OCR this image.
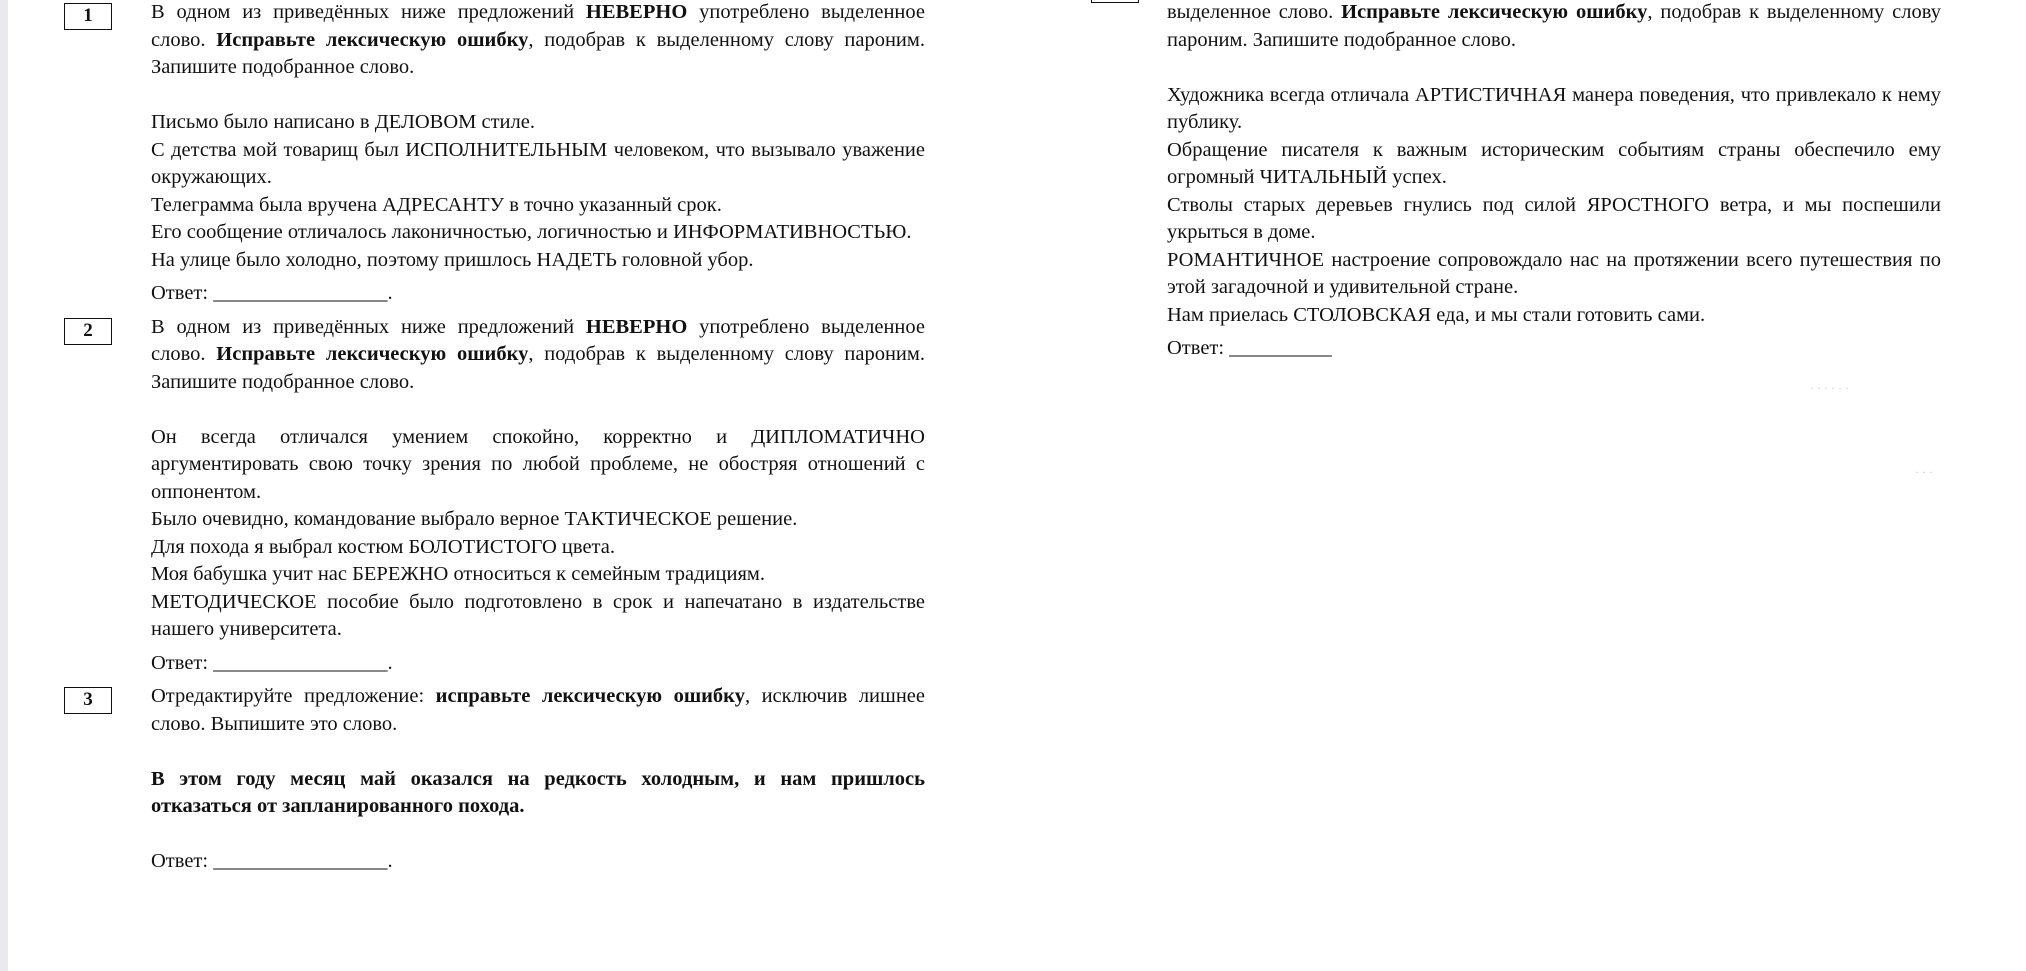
1	В одном из приведённых ниже предложений НЕВЕРНО употреблено выделенное слово. Исправьте лексическую ошибку, подобрав к выделенному слову пароним. Запишите подобранное слово.

Письмо было написано в ДЕЛОВОМ стиле.

С детства мой товарищ был ИСПОЛНИТЕЛЬНЫМ человеком, что вызывало уважение окружающих.

Телеграмма была вручена АДРЕСАНТУ в точно указанный срок.

Его сообщение отличалось лаконичностью, логичностью и ИНФОРМАТИВНОСТЬЮ.

На улице было холодно, поэтому пришлось НАДЕТЬ головной убор.

Ответ: _________________.

2	В одном из приведённых ниже предложений НЕВЕРНО употреблено выделенное слово. Исправьте лексическую ошибку, подобрав к выделенному слову пароним. Запишите подобранное слово.

Он всегда отличался умением спокойно, корректно и ДИПЛОМАТИЧНО аргументировать свою точку зрения по любой проблеме, не обостряя отношений с оппонентом.

Было очевидно, командование выбрало верное ТАКТИЧЕСКОЕ решение.

Для похода я выбрал костюм БОЛОТИСТОГО цвета.

Моя бабушка учит нас БЕРЕЖНО относиться к семейным традициям.

МЕТОДИЧЕСКОЕ пособие было подготовлено в срок и напечатано в издательстве нашего университета.

Ответ: _________________.

3	Отредактируйте предложение: исправьте лексическую ошибку, исключив лишнее слово. Выпишите это слово.

В этом году месяц май оказался на редкость холодным, и нам пришлось отказаться от запланированного похода.

Ответ: _________________.

выделенное слово. Исправьте лексическую ошибку, подобрав к выделенному слову пароним. Запишите подобранное слово.

Художника всегда отличала АРТИСТИЧНАЯ манера поведения, что привлекало к нему публику.

Обращение писателя к важным историческим событиям страны обеспечило ему огромный ЧИТАЛЬНЫЙ успех.

Стволы старых деревьев гнулись под силой ЯРОСТНОГО ветра, и мы поспешили укрыться в доме.

РОМАНТИЧНОЕ настроение сопровождало нас на протяжении всего путешествия по этой загадочной и удивительной стране.

Нам приелась СТОЛОВСКАЯ еда, и мы стали готовить сами.

Ответ: __________

· · · · · ·
· · ·
